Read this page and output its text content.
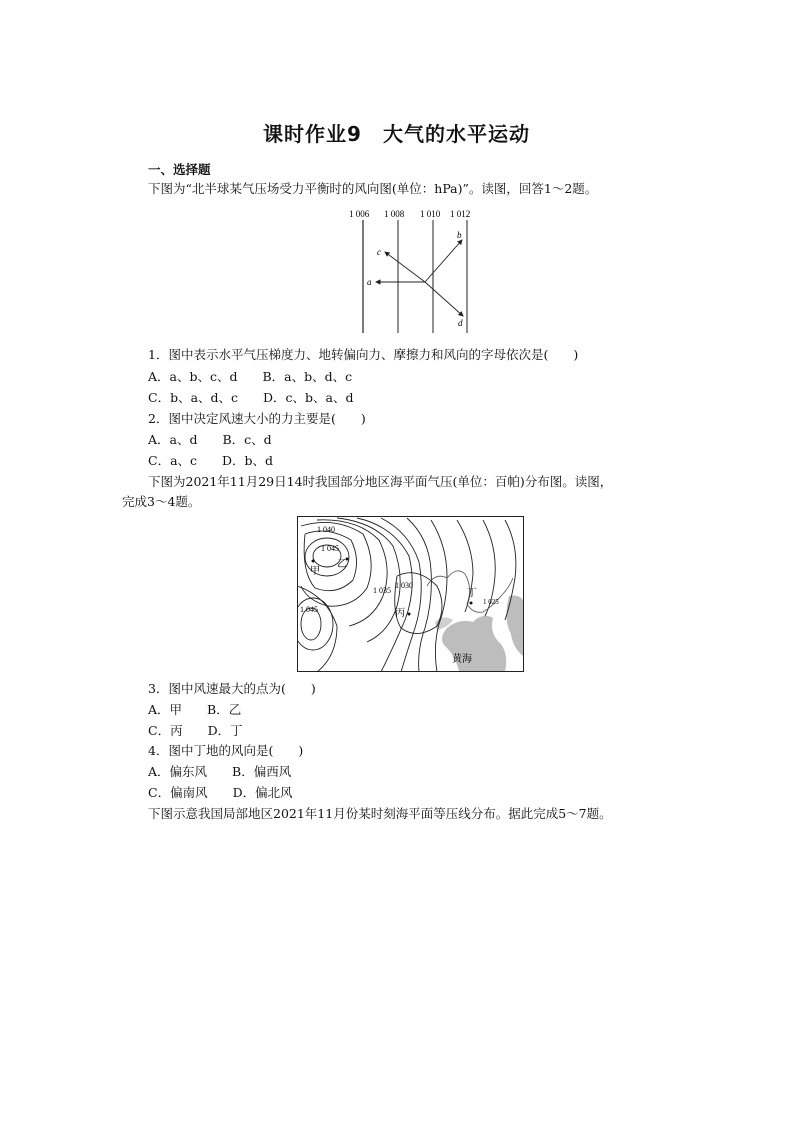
课时作业9　大气的水平运动
一、选择题
下图为“北半球某气压场受力平衡时的风向图(单位：hPa)”。读图，回答1～2题。
1 006 1 008 1 010 1 012
a
b
c
d
1．图中表示水平气压梯度力、地转偏向力、摩擦力和风向的字母依次是(　　)
A．a、b、c、d　　B．a、b、d、c
C．b、a、d、c　　D．c、b、a、d
2．图中决定风速大小的力主要是(　　)
A．a、d　　B．c、d
C．a、c　　D．b、d
下图为2021年11月29日14时我国部分地区海平面气压(单位：百帕)分布图。读图，
完成3～4题。
1 040
1 045
甲
乙
1 030
1 035
1 045	丙
丁
1 025
黄海
3．图中风速最大的点为(　　)
A．甲　　B．乙
C．丙　　D．丁
4．图中丁地的风向是(　　)
A．偏东风　　B．偏西风
C．偏南风　　D．偏北风
下图示意我国局部地区2021年11月份某时刻海平面等压线分布。据此完成5～7题。
